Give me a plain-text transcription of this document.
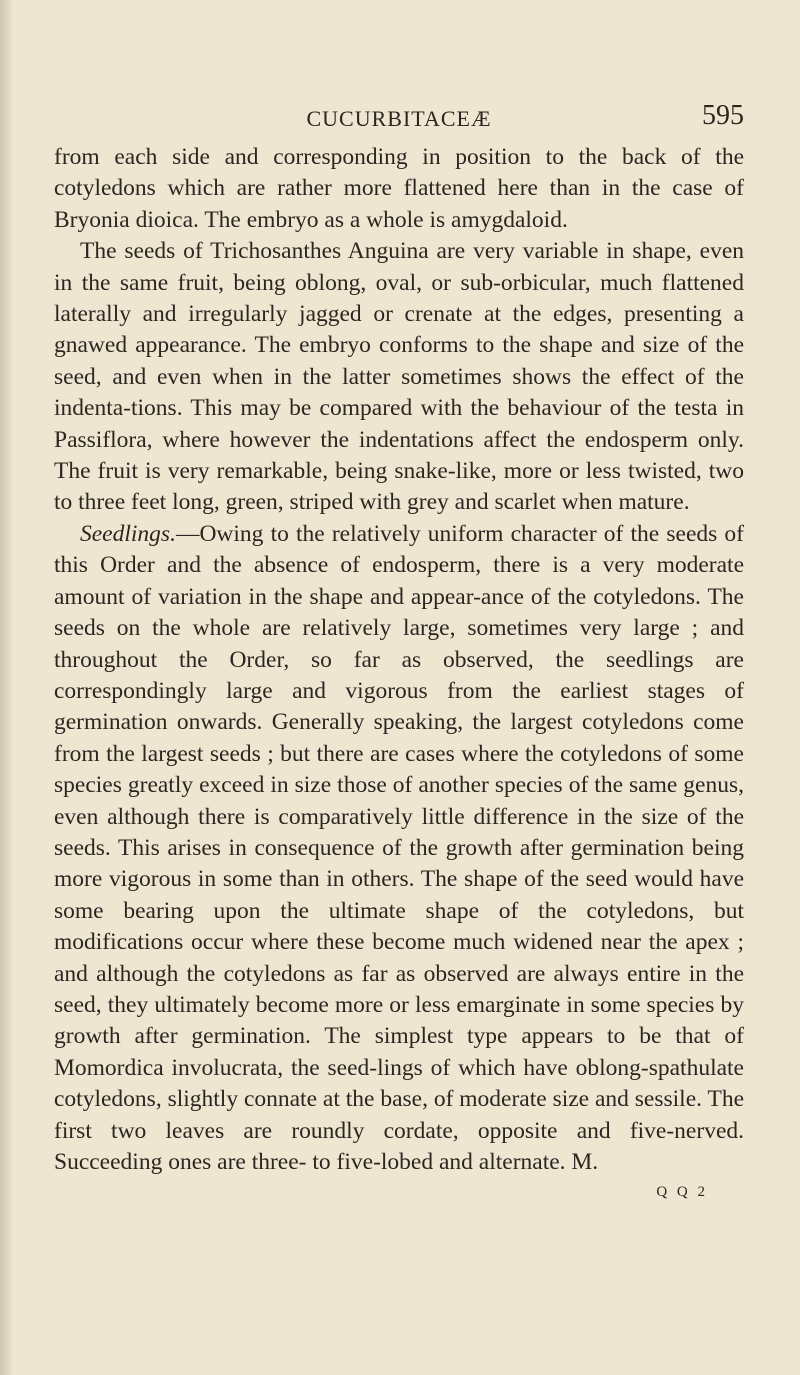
CUCURBITACEÆ	595

from each side and corresponding in position to the back of the cotyledons which are rather more flattened here than in the case of Bryonia dioica. The embryo as a whole is amygdaloid.

The seeds of Trichosanthes Anguina are very variable in shape, even in the same fruit, being oblong, oval, or sub-orbicular, much flattened laterally and irregularly jagged or crenate at the edges, presenting a gnawed appearance. The embryo conforms to the shape and size of the seed, and even when in the latter sometimes shows the effect of the indenta-tions. This may be compared with the behaviour of the testa in Passiflora, where however the indentations affect the endosperm only. The fruit is very remarkable, being snake-like, more or less twisted, two to three feet long, green, striped with grey and scarlet when mature.

Seedlings.—Owing to the relatively uniform character of the seeds of this Order and the absence of endosperm, there is a very moderate amount of variation in the shape and appear-ance of the cotyledons. The seeds on the whole are relatively large, sometimes very large ; and throughout the Order, so far as observed, the seedlings are correspondingly large and vigorous from the earliest stages of germination onwards. Generally speaking, the largest cotyledons come from the largest seeds ; but there are cases where the cotyledons of some species greatly exceed in size those of another species of the same genus, even although there is comparatively little difference in the size of the seeds. This arises in consequence of the growth after germination being more vigorous in some than in others. The shape of the seed would have some bearing upon the ultimate shape of the cotyledons, but modifications occur where these become much widened near the apex ; and although the cotyledons as far as observed are always entire in the seed, they ultimately become more or less emarginate in some species by growth after germination. The simplest type appears to be that of Momordica involucrata, the seed-lings of which have oblong-spathulate cotyledons, slightly connate at the base, of moderate size and sessile. The first two leaves are roundly cordate, opposite and five-nerved. Succeeding ones are three- to five-lobed and alternate. M.

Q Q 2
